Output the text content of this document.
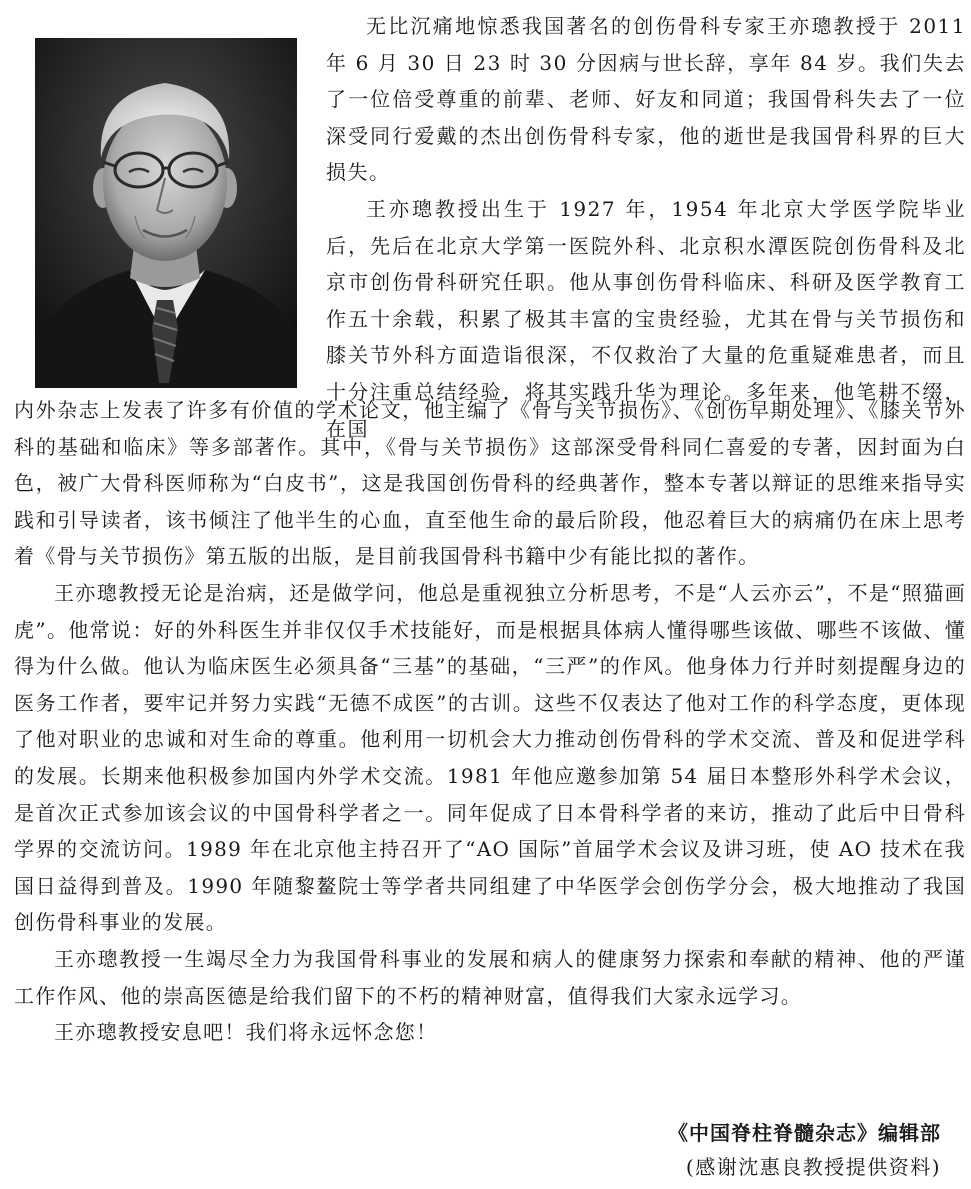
无比沉痛地惊悉我国著名的创伤骨科专家王亦璁教授于 2011 年 6 月 30 日 23 时 30 分因病与世长辞，享年 84 岁。我们失去了一位倍受尊重的前辈、老师、好友和同道；我国骨科失去了一位深受同行爱戴的杰出创伤骨科专家，他的逝世是我国骨科界的巨大损失。

王亦璁教授出生于 1927 年，1954 年北京大学医学院毕业后，先后在北京大学第一医院外科、北京积水潭医院创伤骨科及北京市创伤骨科研究任职。他从事创伤骨科临床、科研及医学教育工作五十余载，积累了极其丰富的宝贵经验，尤其在骨与关节损伤和膝关节外科方面造诣很深，不仅救治了大量的危重疑难患者，而且十分注重总结经验，将其实践升华为理论。多年来，他笔耕不缀，在国

内外杂志上发表了许多有价值的学术论文，他主编了《骨与关节损伤》、《创伤早期处理》、《膝关节外科的基础和临床》等多部著作。其中，《骨与关节损伤》这部深受骨科同仁喜爱的专著，因封面为白色，被广大骨科医师称为“白皮书”，这是我国创伤骨科的经典著作，整本专著以辩证的思维来指导实践和引导读者，该书倾注了他半生的心血，直至他生命的最后阶段，他忍着巨大的病痛仍在床上思考着《骨与关节损伤》第五版的出版，是目前我国骨科书籍中少有能比拟的著作。

王亦璁教授无论是治病，还是做学问，他总是重视独立分析思考，不是“人云亦云”，不是“照猫画虎”。他常说：好的外科医生并非仅仅手术技能好，而是根据具体病人懂得哪些该做、哪些不该做、懂得为什么做。他认为临床医生必须具备“三基”的基础，“三严”的作风。他身体力行并时刻提醒身边的医务工作者，要牢记并努力实践“无德不成医”的古训。这些不仅表达了他对工作的科学态度，更体现了他对职业的忠诚和对生命的尊重。他利用一切机会大力推动创伤骨科的学术交流、普及和促进学科的发展。长期来他积极参加国内外学术交流。1981 年他应邀参加第 54 届日本整形外科学术会议，是首次正式参加该会议的中国骨科学者之一。同年促成了日本骨科学者的来访，推动了此后中日骨科学界的交流访问。1989 年在北京他主持召开了“AO 国际”首届学术会议及讲习班，使 AO 技术在我国日益得到普及。1990 年随黎鳌院士等学者共同组建了中华医学会创伤学分会，极大地推动了我国创伤骨科事业的发展。

王亦璁教授一生竭尽全力为我国骨科事业的发展和病人的健康努力探索和奉献的精神、他的严谨工作作风、他的崇高医德是给我们留下的不朽的精神财富，值得我们大家永远学习。

王亦璁教授安息吧！我们将永远怀念您！

《中国脊柱脊髓杂志》编辑部
(感谢沈惠良教授提供资料)
